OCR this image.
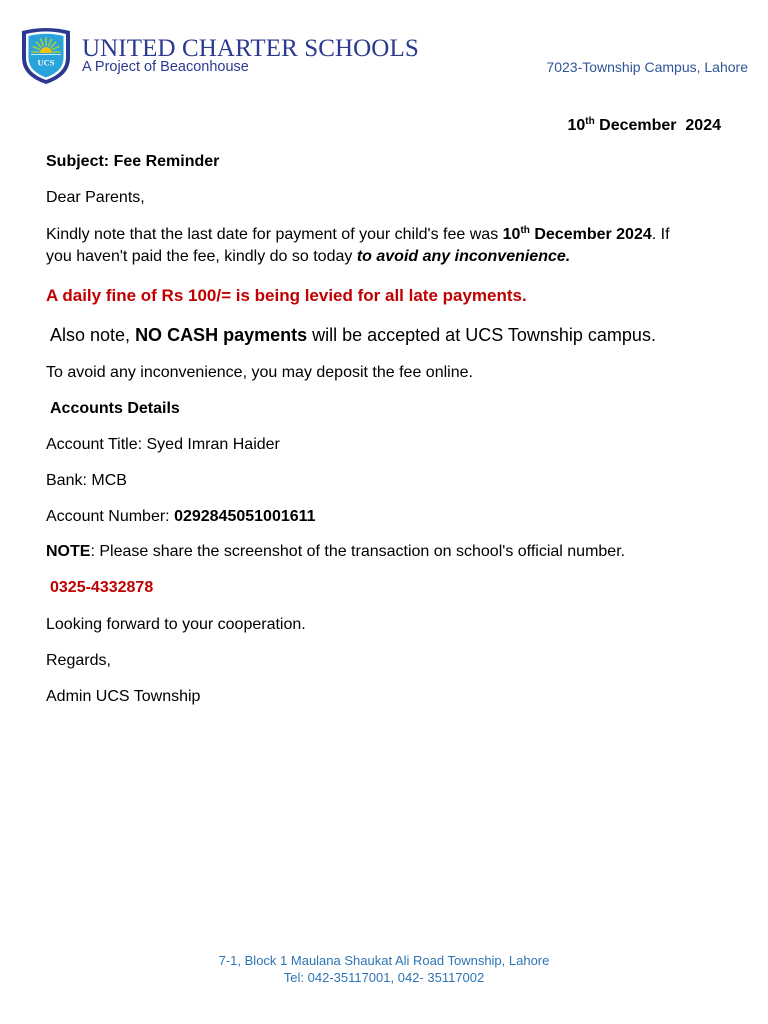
UCS
UNITED CHARTER SCHOOLS
A Project of Beaconhouse	7023-Township Campus, Lahore
10th December  2024
Subject: Fee Reminder
Dear Parents,
Kindly note that the last date for payment of your child's fee was 10th December 2024. If
you haven't paid the fee, kindly do so today to avoid any inconvenience.
A daily fine of Rs 100/= is being levied for all late payments.
Also note, NO CASH payments will be accepted at UCS Township campus.
To avoid any inconvenience, you may deposit the fee online.
Accounts Details
Account Title: Syed Imran Haider
Bank: MCB
Account Number: 0292845051001611
NOTE: Please share the screenshot of the transaction on school's official number.
0325-4332878
Looking forward to your cooperation.
Regards,
Admin UCS Township
7-1, Block 1 Maulana Shaukat Ali Road Township, Lahore
Tel: 042-35117001, 042- 35117002
